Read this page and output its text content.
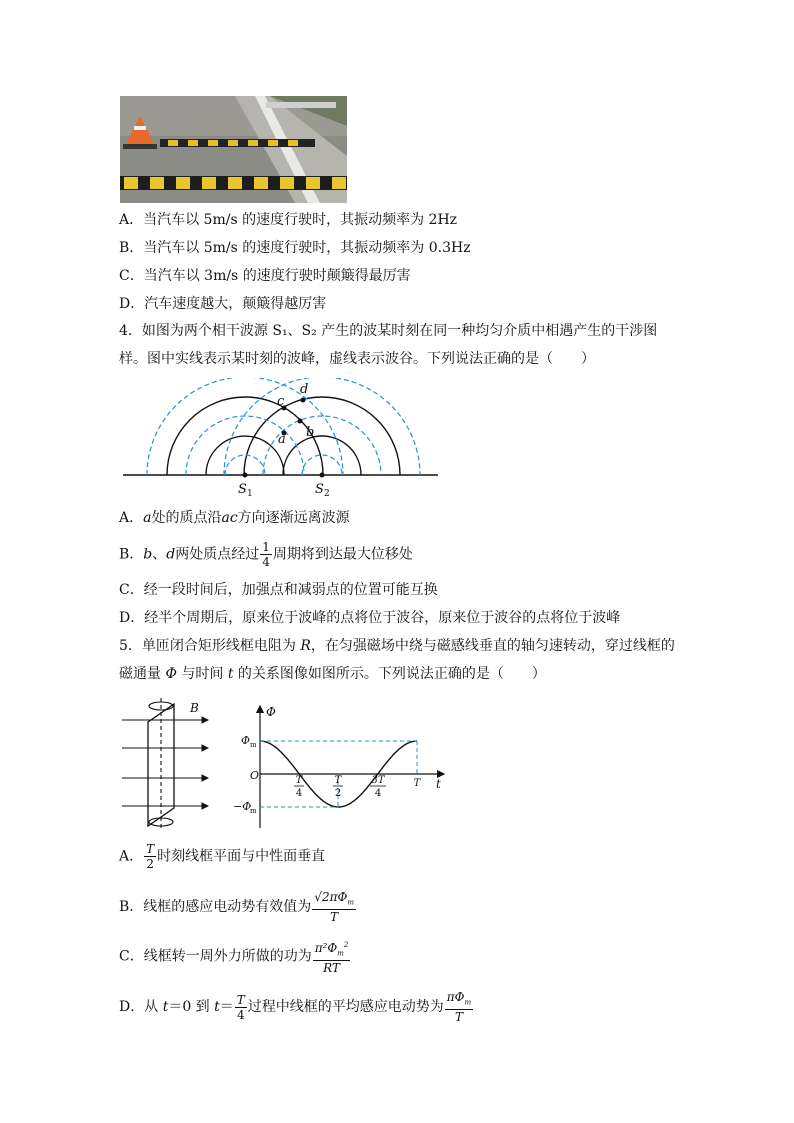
A．当汽车以 5m/s 的速度行驶时，其振动频率为 2Hz
B．当汽车以 5m/s 的速度行驶时，其振动频率为 0.3Hz
C．当汽车以 3m/s 的速度行驶时颠簸得最厉害
D．汽车速度越大，颠簸得越厉害
4．如图为两个相干波源 S₁、S₂ 产生的波某时刻在同一种均匀介质中相遇产生的干涉图
样。图中实线表示某时刻的波峰，虚线表示波谷。下列说法正确的是（　　）
a b
c
d
S	S
1	2
A．a处的质点沿ac方向逐渐远离波源
B．b、d两处质点经过 $\frac{1}{4}$ 周期将到达最大位移处
C．经一段时间后，加强点和减弱点的位置可能互换
D．经半个周期后，原来位于波峰的点将位于波谷，原来位于波谷的点将位于波峰
5．单匝闭合矩形线框电阻为 R，在匀强磁场中绕与磁感线垂直的轴匀速转动，穿过线框的
磁通量 Φ 与时间 t 的关系图像如图所示。下列说法正确的是（　　）
B	Φ
t
O
Φ m
−Φ
m
T
4
T
2
3T
4
T
A． $\frac{T}{2}$ 时刻线框平面与中性面垂直
B．线框的感应电动势有效值为 $\frac{√2\pi\Phi_m}{T}$
C．线框转一周外力所做的功为 $\frac{\pi^2\Phi_m^2}{RT}$
D．从 t＝0 到 $t= \frac{T}{4}$ 过程中线框的平均感应电动势为 $\frac{\pi\Phi_m}{T}$
